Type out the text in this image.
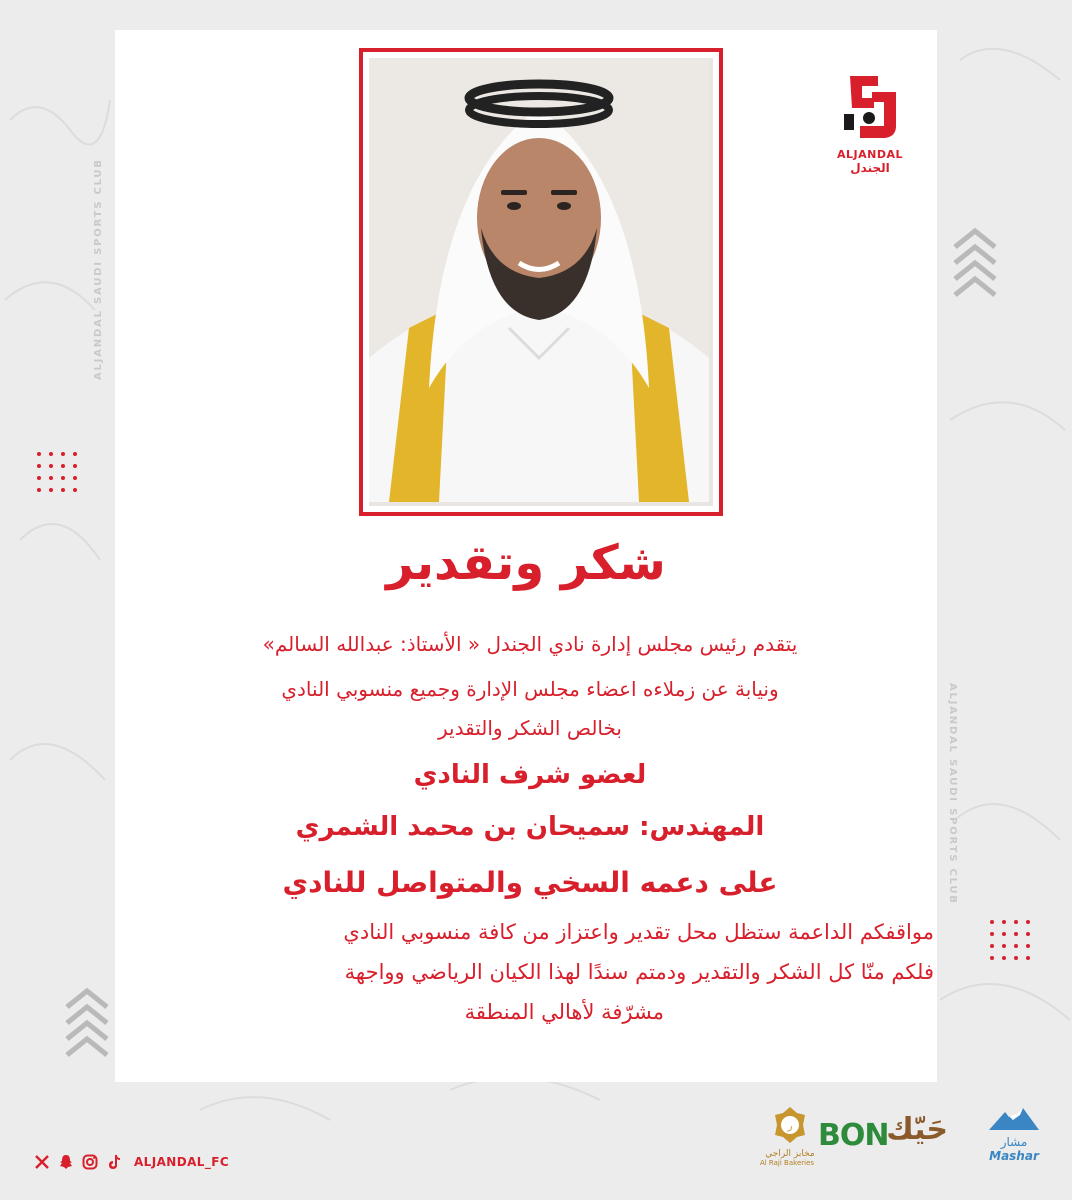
ALJANDAL SAUDI SPORTS CLUB
ALJANDAL SAUDI SPORTS CLUB
ALJANDAL
الجندل
شكر وتقدير
يتقدم رئيس مجلس إدارة نادي الجندل « الأستاذ: عبدالله السالم»
ونيابة عن زملاءه اعضاء مجلس الإدارة وجميع منسوبي النادي
بخالص الشكر والتقدير
لعضو شرف النادي
المهندس: سميحان بن محمد الشمري
على دعمه السخي والمتواصل للنادي
مواقفكم الداعمة ستظل محل تقدير واعتزاز من كافة منسوبي النادي
فلكم منّا كل الشكر والتقدير ودمتم سندًا لهذا الكيان الرياضي وواجهة
مشرّفة لأهالي المنطقة
ALJANDAL_FC
ر
مخابز الراجي
Al Raji Bakeries
BON
حَيّك	مشار
Mashar
